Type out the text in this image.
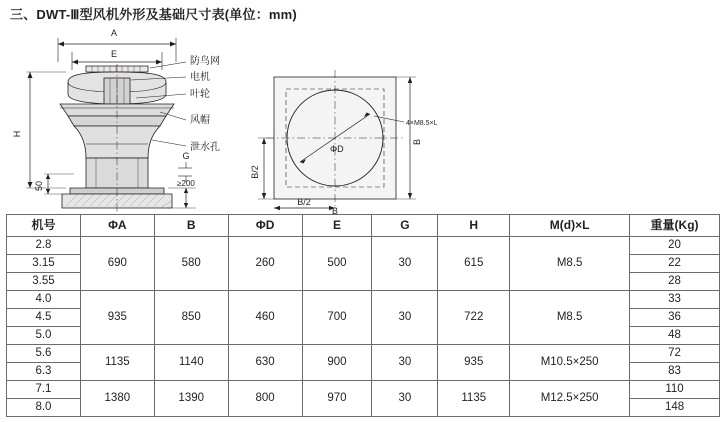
三、DWT-Ⅲ型风机外形及基础尺寸表(单位：mm)
A
E
H
50
G
≥200
防鸟网
电机
叶轮
风帽
泄水孔	ΦD
4×M8.5×L
B
B/2
B/2
B
机号	ΦA	B	ΦD	E	G	H	M(d)×L	重量(Kg)
2.8	690	580	260	500	30	615	M8.5	20
3.15								22
3.55								28
4.0	935	850	460	700	30	722	M8.5	33
4.5								36
5.0								48
5.6	1135	1140	630	900	30	935	M10.5×250	72
6.3								83
7.1	1380	1390	800	970	30	1135	M12.5×250	110
8.0								148
